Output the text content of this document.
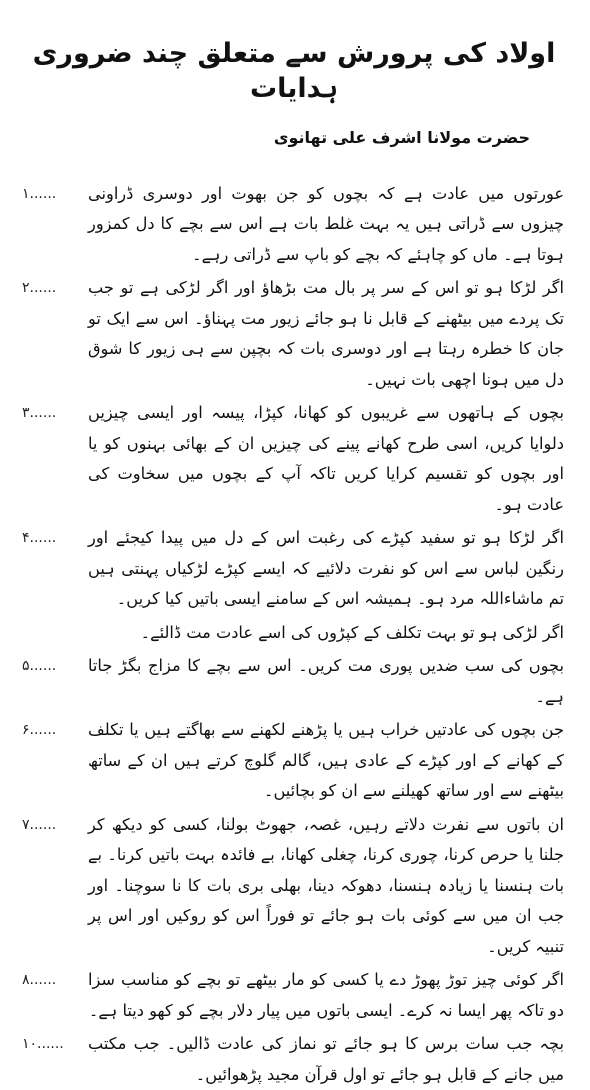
اولاد کی پرورش سے متعلق چند ضروری ہدایات
حضرت مولانا اشرف علی تھانوی
۱......	عورتوں میں عادت ہے کہ بچوں کو جن بھوت اور دوسری ڈراونی چیزوں سے ڈراتی ہیں یہ بہت غلط بات ہے اس سے بچے کا دل کمزور ہوتا ہے۔ ماں کو چاہئے کہ بچے کو باپ سے ڈراتی رہے۔
۲......	اگر لڑکا ہو تو اس کے سر پر بال مت بڑھاؤ اور اگر لڑکی ہے تو جب تک پردے میں بیٹھنے کے قابل نا ہو جائے زیور مت پہناؤ۔ اس سے ایک تو جان کا خطرہ رہتا ہے اور دوسری بات کہ بچپن سے ہی زیور کا شوق دل میں ہونا اچھی بات نہیں۔
۳......	بچوں کے ہاتھوں سے غریبوں کو کھانا، کپڑا، پیسہ اور ایسی چیزیں دلوایا کریں، اسی طرح کھانے پینے کی چیزیں ان کے بھائی بہنوں کو یا اور بچوں کو تقسیم کرایا کریں تاکہ آپ کے بچوں میں سخاوت کی عادت ہو۔
۴......	اگر لڑکا ہو تو سفید کپڑے کی رغبت اس کے دل میں پیدا کیجئے اور رنگین لباس سے اس کو نفرت دلائیے کہ ایسے کپڑے لڑکیاں پہنتی ہیں تم ماشاءاللہ مرد ہو۔ ہمیشہ اس کے سامنے ایسی باتیں کیا کریں۔
اگر لڑکی ہو تو بہت تکلف کے کپڑوں کی اسے عادت مت ڈالئے۔
۵......	بچوں کی سب ضدیں پوری مت کریں۔ اس سے بچے کا مزاج بگڑ جاتا ہے۔
۶......	جن بچوں کی عادتیں خراب ہیں یا پڑھنے لکھنے سے بھاگتے ہیں یا تکلف کے کھانے کے اور کپڑے کے عادی ہیں، گالم گلوچ کرتے ہیں ان کے ساتھ بیٹھنے سے اور ساتھ کھیلنے سے ان کو بچائیں۔
۷......	ان باتوں سے نفرت دلاتے رہیں، غصہ، جھوٹ بولنا، کسی کو دیکھ کر جلنا یا حرص کرنا، چوری کرنا، چغلی کھانا، بے فائدہ بہت باتیں کرنا۔ بے بات ہنسنا یا زیادہ ہنسنا، دھوکہ دینا، بھلی بری بات کا نا سوچنا۔ اور جب ان میں سے کوئی بات ہو جائے تو فوراً اس کو روکیں اور اس پر تنبیہ کریں۔
۸......	اگر کوئی چیز توڑ پھوڑ دے یا کسی کو مار بیٹھے تو بچے کو مناسب سزا دو تاکہ پھر ایسا نہ کرے۔ ایسی باتوں میں پیار دلار بچے کو کھو دیتا ہے۔
۱۰......	بچہ جب سات برس کا ہو جائے تو نماز کی عادت ڈالیں۔ جب مکتب میں جانے کے قابل ہو جائے تو اول قرآن مجید پڑھوائیں۔
